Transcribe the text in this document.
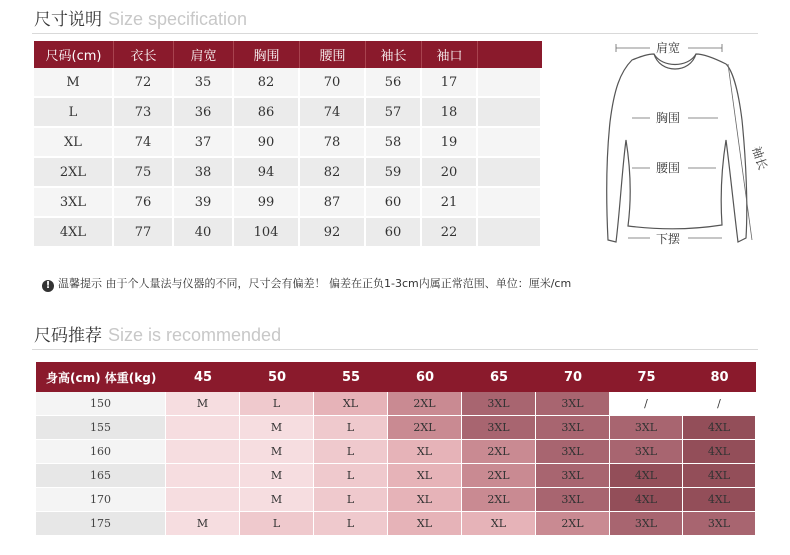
尺寸说明 Size specification
尺码(cm)	衣长	肩宽	胸围	腰围	袖长	袖口	
M	72	35	82	70	56	17	
L	73	36	86	74	57	18	
XL	74	37	90	78	58	19	
2XL	75	38	94	82	59	20	
3XL	76	39	99	87	60	21	
4XL	77	40	104	92	60	22	
肩宽
胸围
腰围
下摆
袖长
! 温馨提示 由于个人量法与仪器的不同，尺寸会有偏差！ 偏差在正负1-3cm内属正常范围、单位：厘米/cm
尺码推荐 Size is recommended
身高(cm) 体重(kg)	45	50	55	60	65	70	75	80
150	M	L	XL	2XL	3XL	3XL	/	/
155		M	L	2XL	3XL	3XL	3XL	4XL
160		M	L	XL	2XL	3XL	3XL	4XL
165		M	L	XL	2XL	3XL	4XL	4XL
170		M	L	XL	2XL	3XL	4XL	4XL
175	M	L	L	XL	XL	2XL	3XL	3XL
